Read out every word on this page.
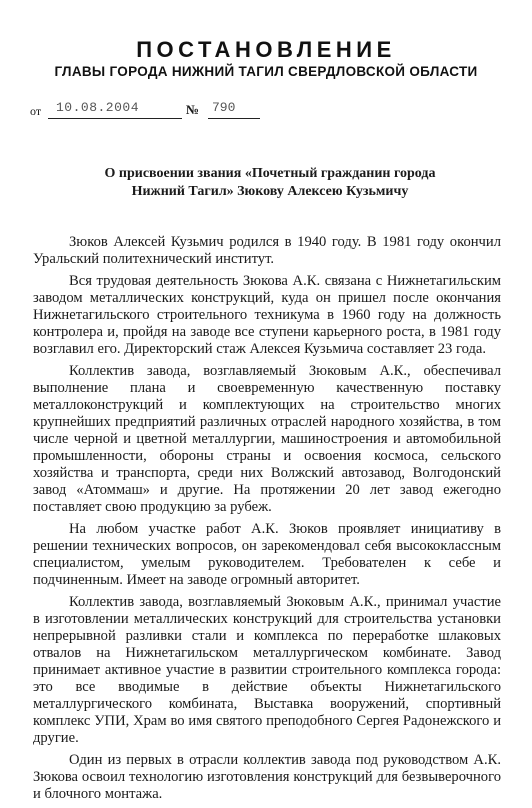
ПОСТАНОВЛЕНИЕ
ГЛАВЫ ГОРОДА НИЖНИЙ ТАГИЛ СВЕРДЛОВСКОЙ ОБЛАСТИ
от 10.08.2004	№ 790
О присвоении звания «Почетный гражданин города
Нижний Тагил» Зюкову Алексею Кузьмичу

Зюков Алексей Кузьмич родился в 1940 году. В 1981 году окончил Уральский политехнический институт.

Вся трудовая деятельность Зюкова А.К. связана с Нижнетагильским заводом металлических конструкций, куда он пришел после окончания Нижнетагильского строительного техникума в 1960 году на должность контролера и, пройдя на заводе все ступени карьерного роста, в 1981 году возглавил его. Директорский стаж Алексея Кузьмича составляет 23 года.

Коллектив завода, возглавляемый Зюковым А.К., обеспечивал выполнение плана и своевременную качественную поставку металлоконструкций и комплектующих на строительство многих крупнейших предприятий различных отраслей народного хозяйства, в том числе черной и цветной металлургии, машиностроения и автомобильной промышленности, обороны страны и освоения космоса, сельского хозяйства и транспорта, среди них Волжский автозавод, Волгодонский завод «Атоммаш» и другие. На протяжении 20 лет завод ежегодно поставляет свою продукцию за рубеж.

На любом участке работ А.К. Зюков проявляет инициативу в решении технических вопросов, он зарекомендовал себя высококлассным специалистом, умелым руководителем. Требователен к себе и подчиненным. Имеет на заводе огромный авторитет.

Коллектив завода, возглавляемый Зюковым А.К., принимал участие в изготовлении металлических конструкций для строительства установки непрерывной разливки стали и комплекса по переработке шлаковых отвалов на Нижнетагильском металлургическом комбинате. Завод принимает активное участие в развитии строительного комплекса города: это все вводимые в действие объекты Нижнетагильского металлургического комбината, Выставка вооружений, спортивный комплекс УПИ, Храм во имя святого преподобного Сергея Радонежского и другие.

Один из первых в отрасли коллектив завода под руководством А.К. Зюкова освоил технологию изготовления конструкций для безвыверочного и блочного монтажа.
